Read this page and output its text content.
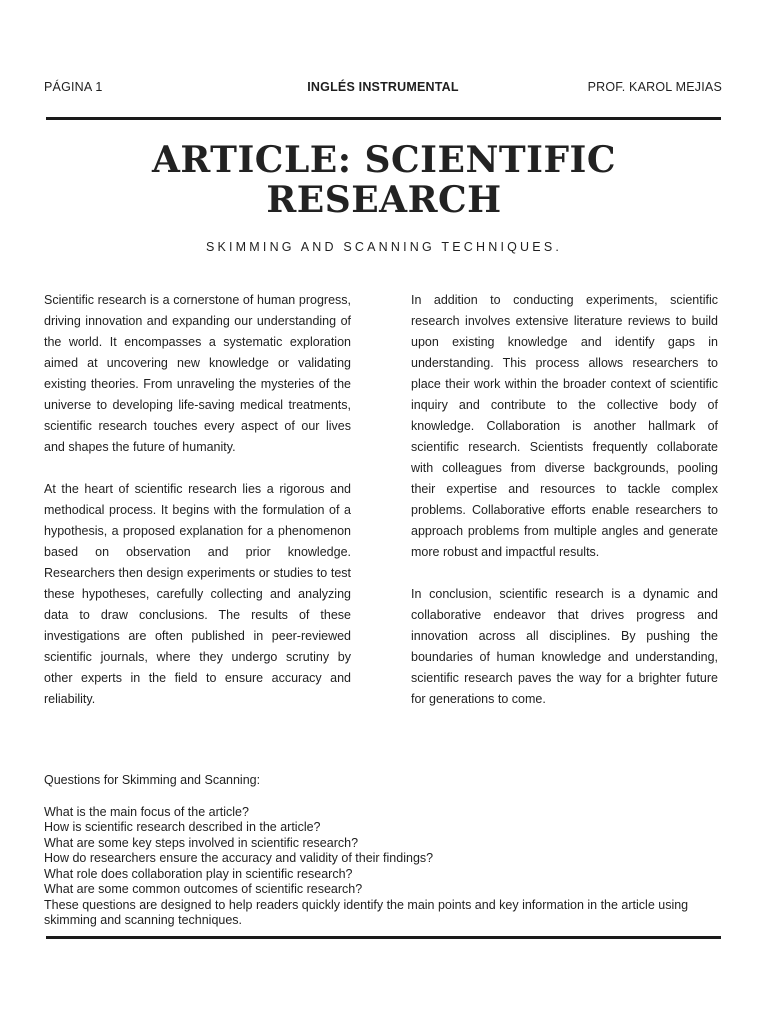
PÁGINA 1	INGLÉS INSTRUMENTAL	PROF. KAROL MEJIAS
ARTICLE: SCIENTIFIC
RESEARCH

SKIMMING AND SCANNING TECHNIQUES.

Scientific research is a cornerstone of human progress, driving innovation and expanding our understanding of the world. It encompasses a systematic exploration aimed at uncovering new knowledge or validating existing theories. From unraveling the mysteries of the universe to developing life-saving medical treatments, scientific research touches every aspect of our lives and shapes the future of humanity.

At the heart of scientific research lies a rigorous and methodical process. It begins with the formulation of a hypothesis, a proposed explanation for a phenomenon based on observation and prior knowledge. Researchers then design experiments or studies to test these hypotheses, carefully collecting and analyzing data to draw conclusions. The results of these investigations are often published in peer-reviewed scientific journals, where they undergo scrutiny by other experts in the field to ensure accuracy and reliability.

In addition to conducting experiments, scientific research involves extensive literature reviews to build upon existing knowledge and identify gaps in understanding. This process allows researchers to place their work within the broader context of scientific inquiry and contribute to the collective body of knowledge. Collaboration is another hallmark of scientific research. Scientists frequently collaborate with colleagues from diverse backgrounds, pooling their expertise and resources to tackle complex problems. Collaborative efforts enable researchers to approach problems from multiple angles and generate more robust and impactful results.

In conclusion, scientific research is a dynamic and collaborative endeavor that drives progress and innovation across all disciplines. By pushing the boundaries of human knowledge and understanding, scientific research paves the way for a brighter future for generations to come.

Questions for Skimming and Scanning:

What is the main focus of the article?
How is scientific research described in the article?
What are some key steps involved in scientific research?
How do researchers ensure the accuracy and validity of their findings?
What role does collaboration play in scientific research?
What are some common outcomes of scientific research?
These questions are designed to help readers quickly identify the main points and key information in the article using skimming and scanning techniques.
